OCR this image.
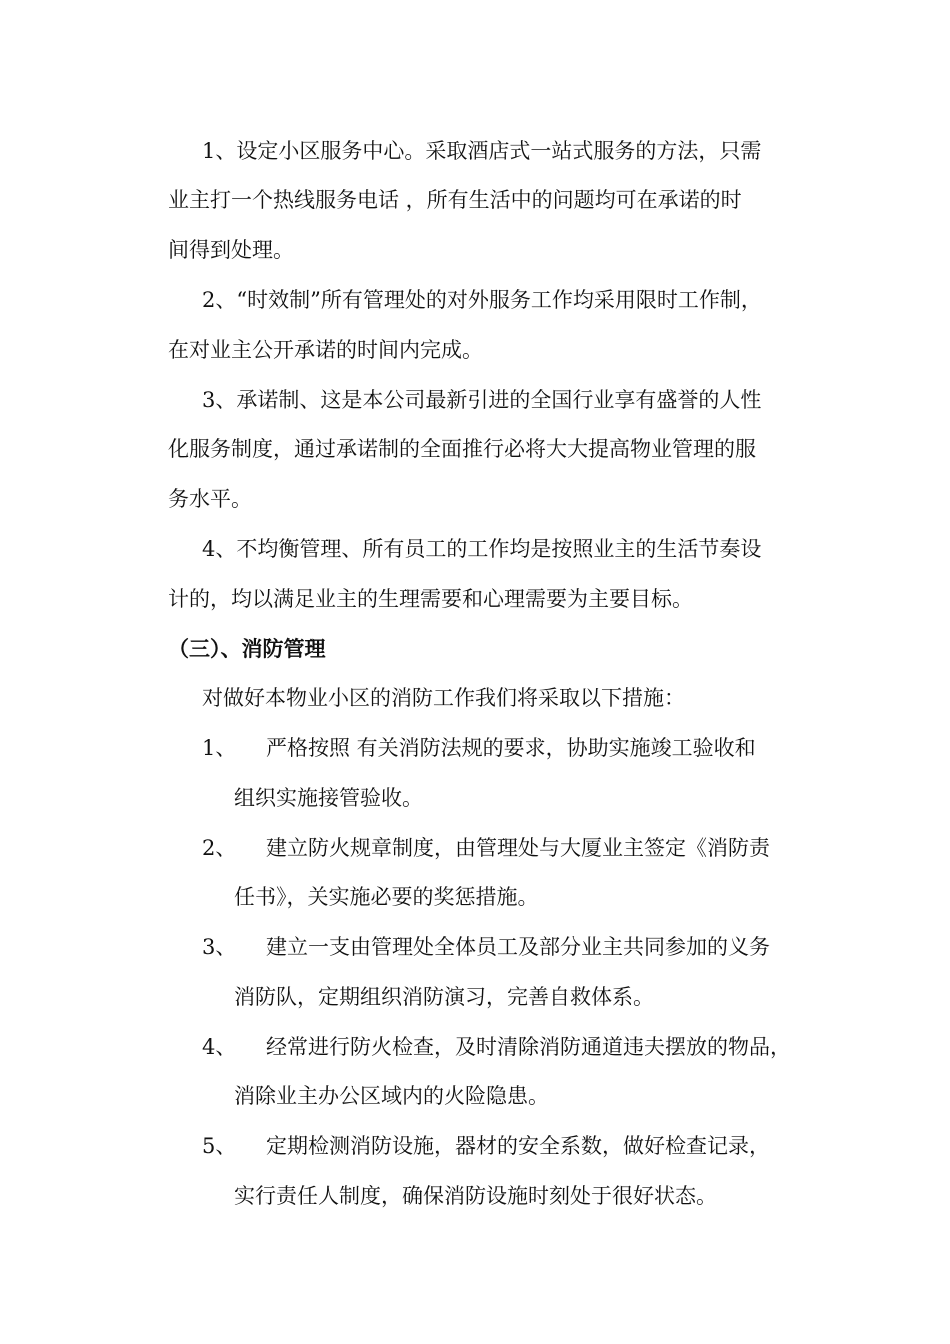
1、设定小区服务中心。采取酒店式一站式服务的方法，只需
业主打一个热线服务电话 ，所有生活中的问题均可在承诺的时
间得到处理。
2、“时效制”所有管理处的对外服务工作均采用限时工作制，
在对业主公开承诺的时间内完成。
3、承诺制、这是本公司最新引进的全国行业享有盛誉的人性
化服务制度，通过承诺制的全面推行必将大大提高物业管理的服
务水平。
4、不均衡管理、所有员工的工作均是按照业主的生活节奏设
计的，均以满足业主的生理需要和心理需要为主要目标。
（三）、消防管理
对做好本物业小区的消防工作我们将采取以下措施：
1、 严格按照 有关消防法规的要求，协助实施竣工验收和
组织实施接管验收。
2、 建立防火规章制度，由管理处与大厦业主签定《消防责
任书》，关实施必要的奖惩措施。
3、 建立一支由管理处全体员工及部分业主共同参加的义务
消防队，定期组织消防演习，完善自救体系。
4、 经常进行防火检查，及时清除消防通道违夫摆放的物品，
消除业主办公区域内的火险隐患。
5、 定期检测消防设施，器材的安全系数，做好检查记录，
实行责任人制度，确保消防设施时刻处于很好状态。
